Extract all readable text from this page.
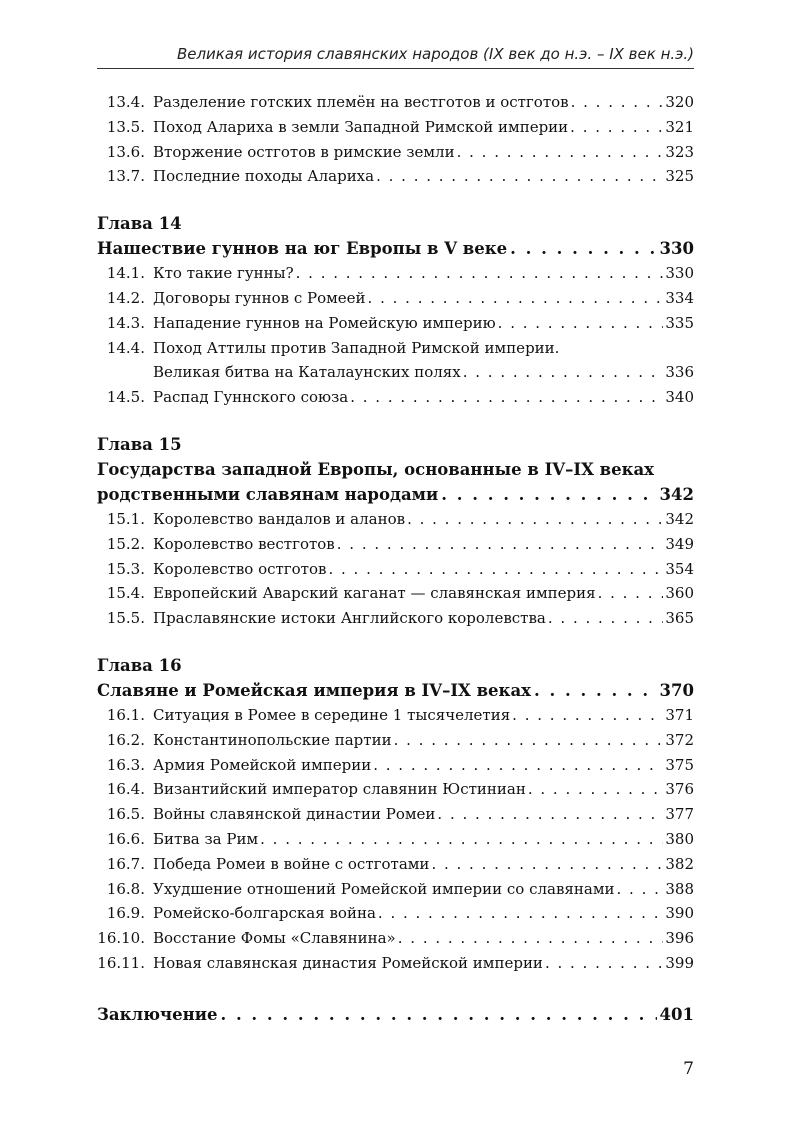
Великая история славянских народов (IX век до н.э. – IX век н.э.)
13.4. Разделение готских племён на вестготов и остготов . . .	320
13.5. Поход Алариха в земли Западной Римской империи . . .	321
13.6. Вторжение остготов в римские земли . . .	323
13.7. Последние походы Алариха . . .	325
Глава 14
Нашествие гуннов на юг Европы в V веке . . .	330
14.1. Кто такие гунны? . . .	330
14.2. Договоры гуннов с Ромеей . . .	334
14.3. Нападение гуннов на Ромейскую империю . . .	335
14.4. Поход Аттилы против Западной Римской империи.
Великая битва на Каталаунских полях . . .	336
14.5. Распад Гуннского союза . . .	340
Глава 15
Государства западной Европы, основанные в IV–IX веках
родственными славянам народами . . .	342
15.1. Королевство вандалов и аланов . . .	342
15.2. Королевство вестготов . . .	349
15.3. Королевство остготов . . .	354
15.4. Европейский Аварский каганат — славянская империя . . .	360
15.5. Праславянские истоки Английского королевства . . .	365
Глава 16
Славяне и Ромейская империя в IV–IX веках . . .	370
16.1. Ситуация в Ромее в середине 1 тысячелетия . . .	371
16.2. Константинопольские партии . . .	372
16.3. Армия Ромейской империи . . .	375
16.4. Византийский император славянин Юстиниан . . .	376
16.5. Войны славянской династии Ромеи . . .	377
16.6. Битва за Рим . . .	380
16.7. Победа Ромеи в войне с остготами . . .	382
16.8. Ухудшение отношений Ромейской империи со славянами . . .	388
16.9. Ромейско-болгарская война . . .	390
16.10. Восстание Фомы «Славянина» . . .	396
16.11. Новая славянская династия Ромейской империи . . .	399
Заключение . . .	401
7
